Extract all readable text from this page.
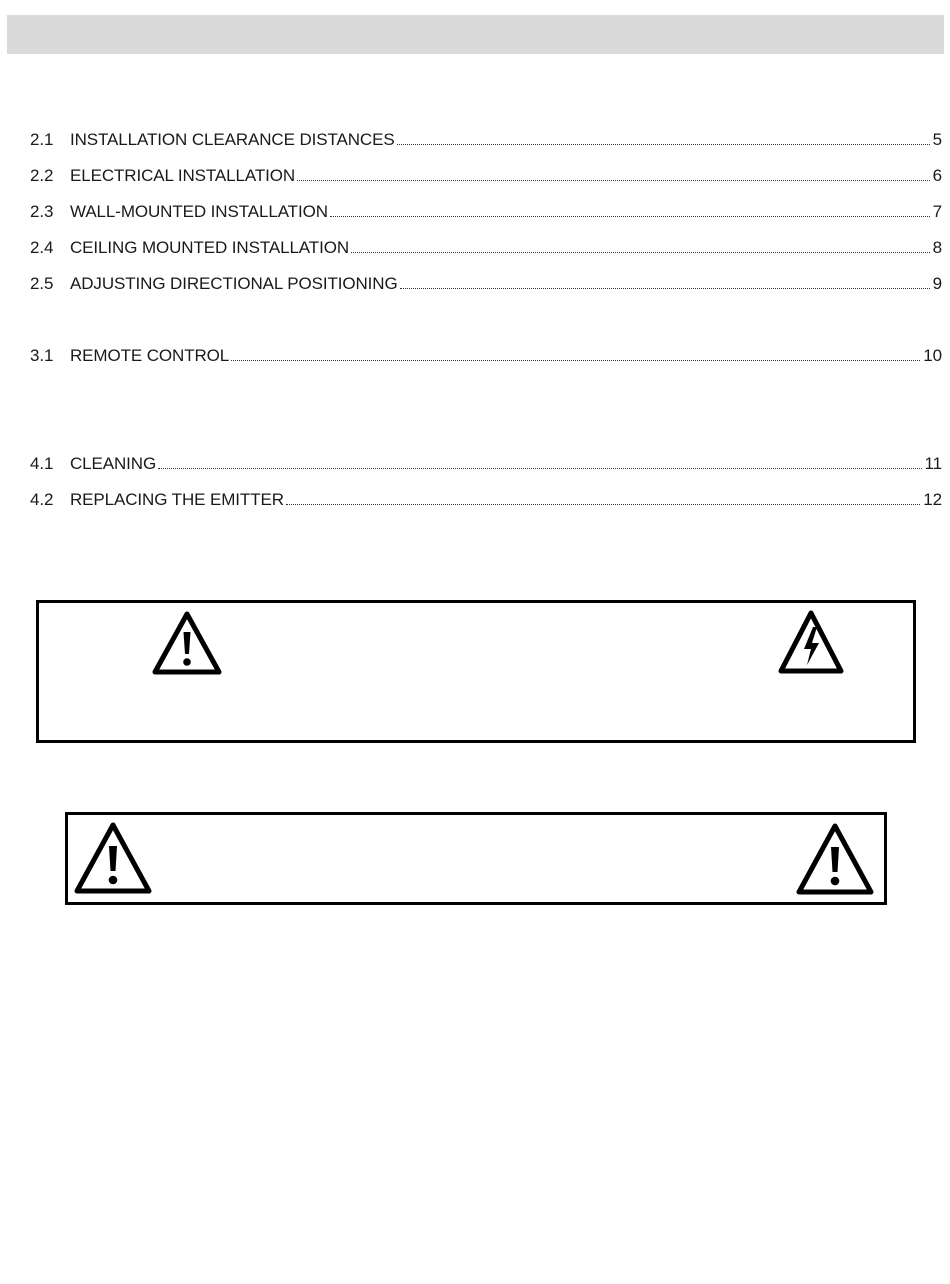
2.1 INSTALLATION CLEARANCE DISTANCES	5
2.2 ELECTRICAL INSTALLATION	6
2.3 WALL-MOUNTED INSTALLATION	7
2.4 CEILING MOUNTED INSTALLATION	8
2.5 ADJUSTING DIRECTIONAL POSITIONING	9
3.1 REMOTE CONTROL	10
4.1 CLEANING	11
4.2 REPLACING THE EMITTER	12
